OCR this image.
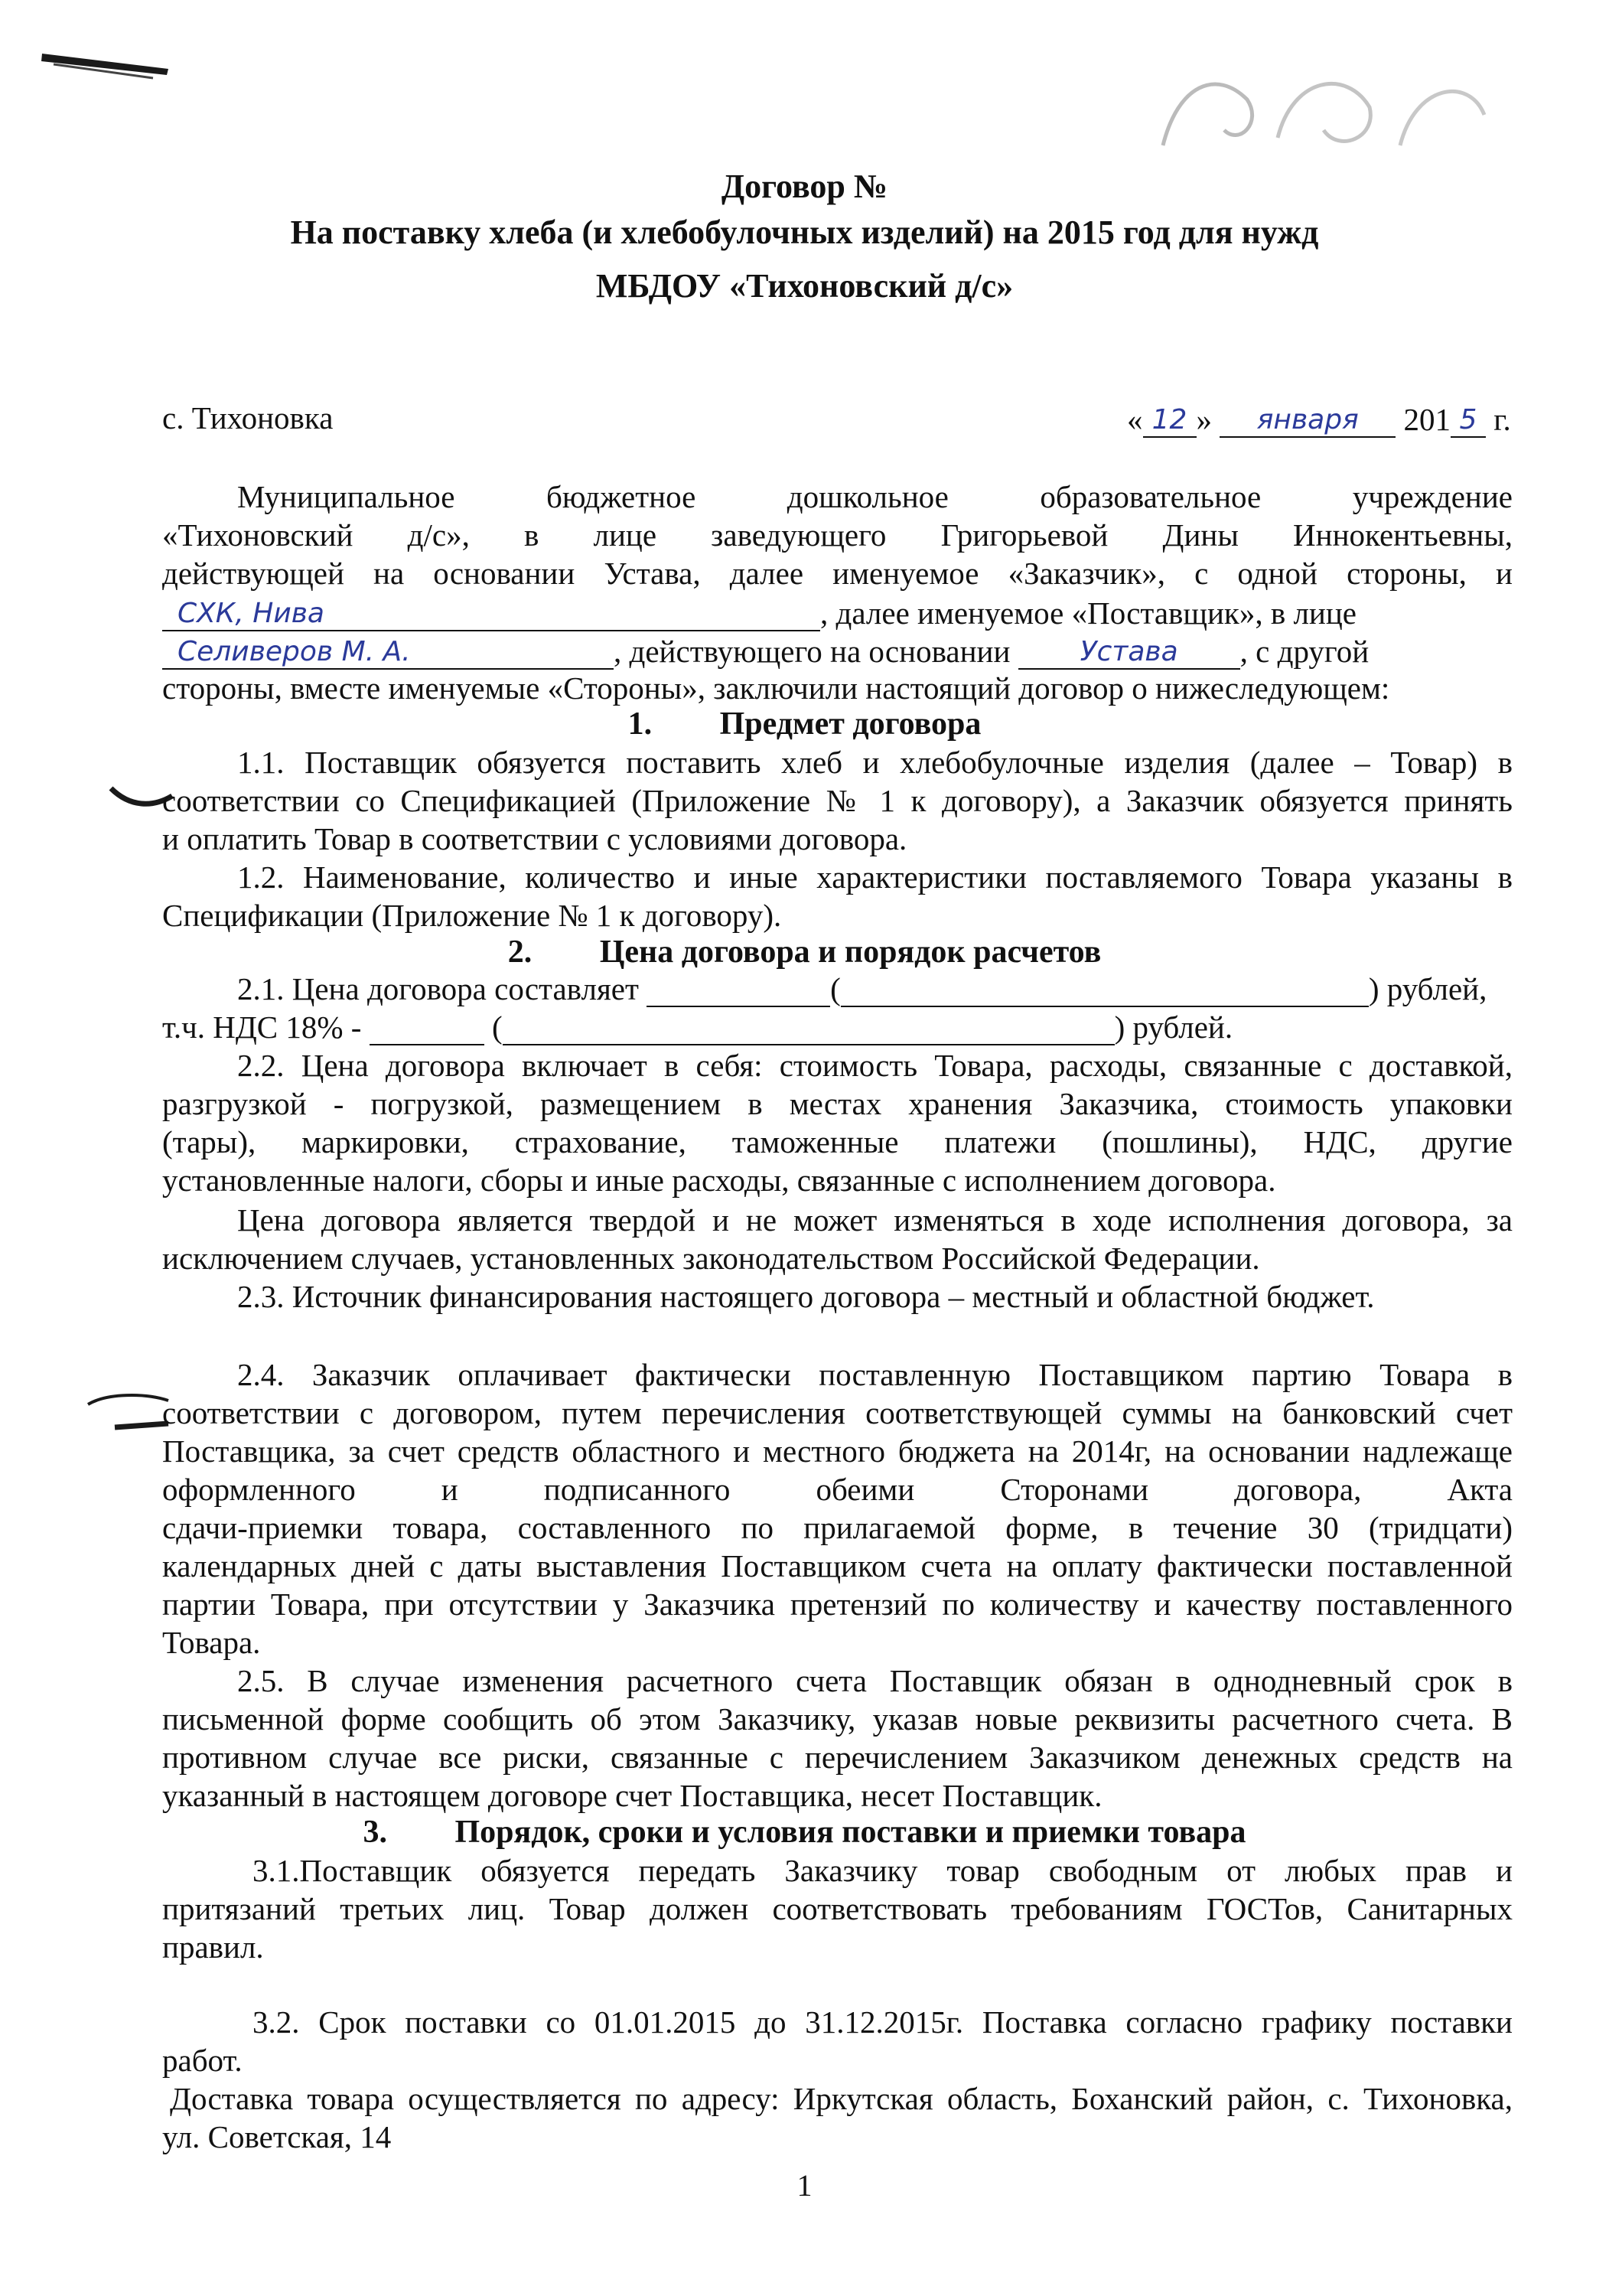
Договор №
На поставку хлеба (и хлебобулочных изделий) на 2015 год для нужд
МБДОУ «Тихоновский д/с»
с. Тихоновка	« 12 » января 201 5 г.
Муниципальное бюджетное дошкольное образовательное учреждение
«Тихоновский д/с», в лице заведующего Григорьевой Дины Иннокентьевны,
действующей на основании Устава, далее именуемое «Заказчик», с одной стороны, и
СХК, Нива	, далее именуемое «Поставщик», в лице
Селиверов М. А.	, действующего на основании	Устава , с другой
стороны, вместе именуемые «Стороны», заключили настоящий договор о нижеследующем:
1. Предмет договора
1.1. Поставщик обязуется поставить хлеб и хлебобулочные изделия (далее – Товар) в
соответствии со Спецификацией (Приложение № 1 к договору), а Заказчик обязуется принять
и оплатить Товар в соответствии с условиями договора.
1.2. Наименование, количество и иные характеристики поставляемого Товара указаны в
Спецификации (Приложение № 1 к договору).
2. Цена договора и порядок расчетов
2.1. Цена договора составляет	(	) рублей,
т.ч. НДС 18% -	(	) рублей.
2.2. Цена договора включает в себя: стоимость Товара, расходы, связанные с доставкой,
разгрузкой - погрузкой, размещением в местах хранения Заказчика, стоимость упаковки
(тары), маркировки, страхование, таможенные платежи (пошлины), НДС, другие
установленные налоги, сборы и иные расходы, связанные с исполнением договора.
Цена договора является твердой и не может изменяться в ходе исполнения договора, за
исключением случаев, установленных законодательством Российской Федерации.
2.3. Источник финансирования настоящего договора – местный и областной бюджет.
2.4. Заказчик оплачивает фактически поставленную Поставщиком партию Товара в
соответствии с договором, путем перечисления соответствующей суммы на банковский счет
Поставщика, за счет средств областного и местного бюджета на 2014г, на основании надлежаще
оформленного и подписанного обеими Сторонами договора, Акта
сдачи-приемки товара, составленного по прилагаемой форме, в течение 30 (тридцати)
календарных дней с даты выставления Поставщиком счета на оплату фактически поставленной
партии Товара, при отсутствии у Заказчика претензий по количеству и качеству поставленного
Товара.
2.5. В случае изменения расчетного счета Поставщик обязан в однодневный срок в
письменной форме сообщить об этом Заказчику, указав новые реквизиты расчетного счета. В
противном случае все риски, связанные с перечислением Заказчиком денежных средств на
указанный в настоящем договоре счет Поставщика, несет Поставщик.
3. Порядок, сроки и условия поставки и приемки товара
3.1.Поставщик обязуется передать Заказчику товар свободным от любых прав и
притязаний третьих лиц. Товар должен соответствовать требованиям ГОСТов, Санитарных
правил.
3.2. Срок поставки со 01.01.2015 до 31.12.2015г. Поставка согласно графику поставки
работ.
Доставка товара осуществляется по адресу: Иркутская область, Боханский район, с. Тихоновка,
ул. Советская, 14
1
